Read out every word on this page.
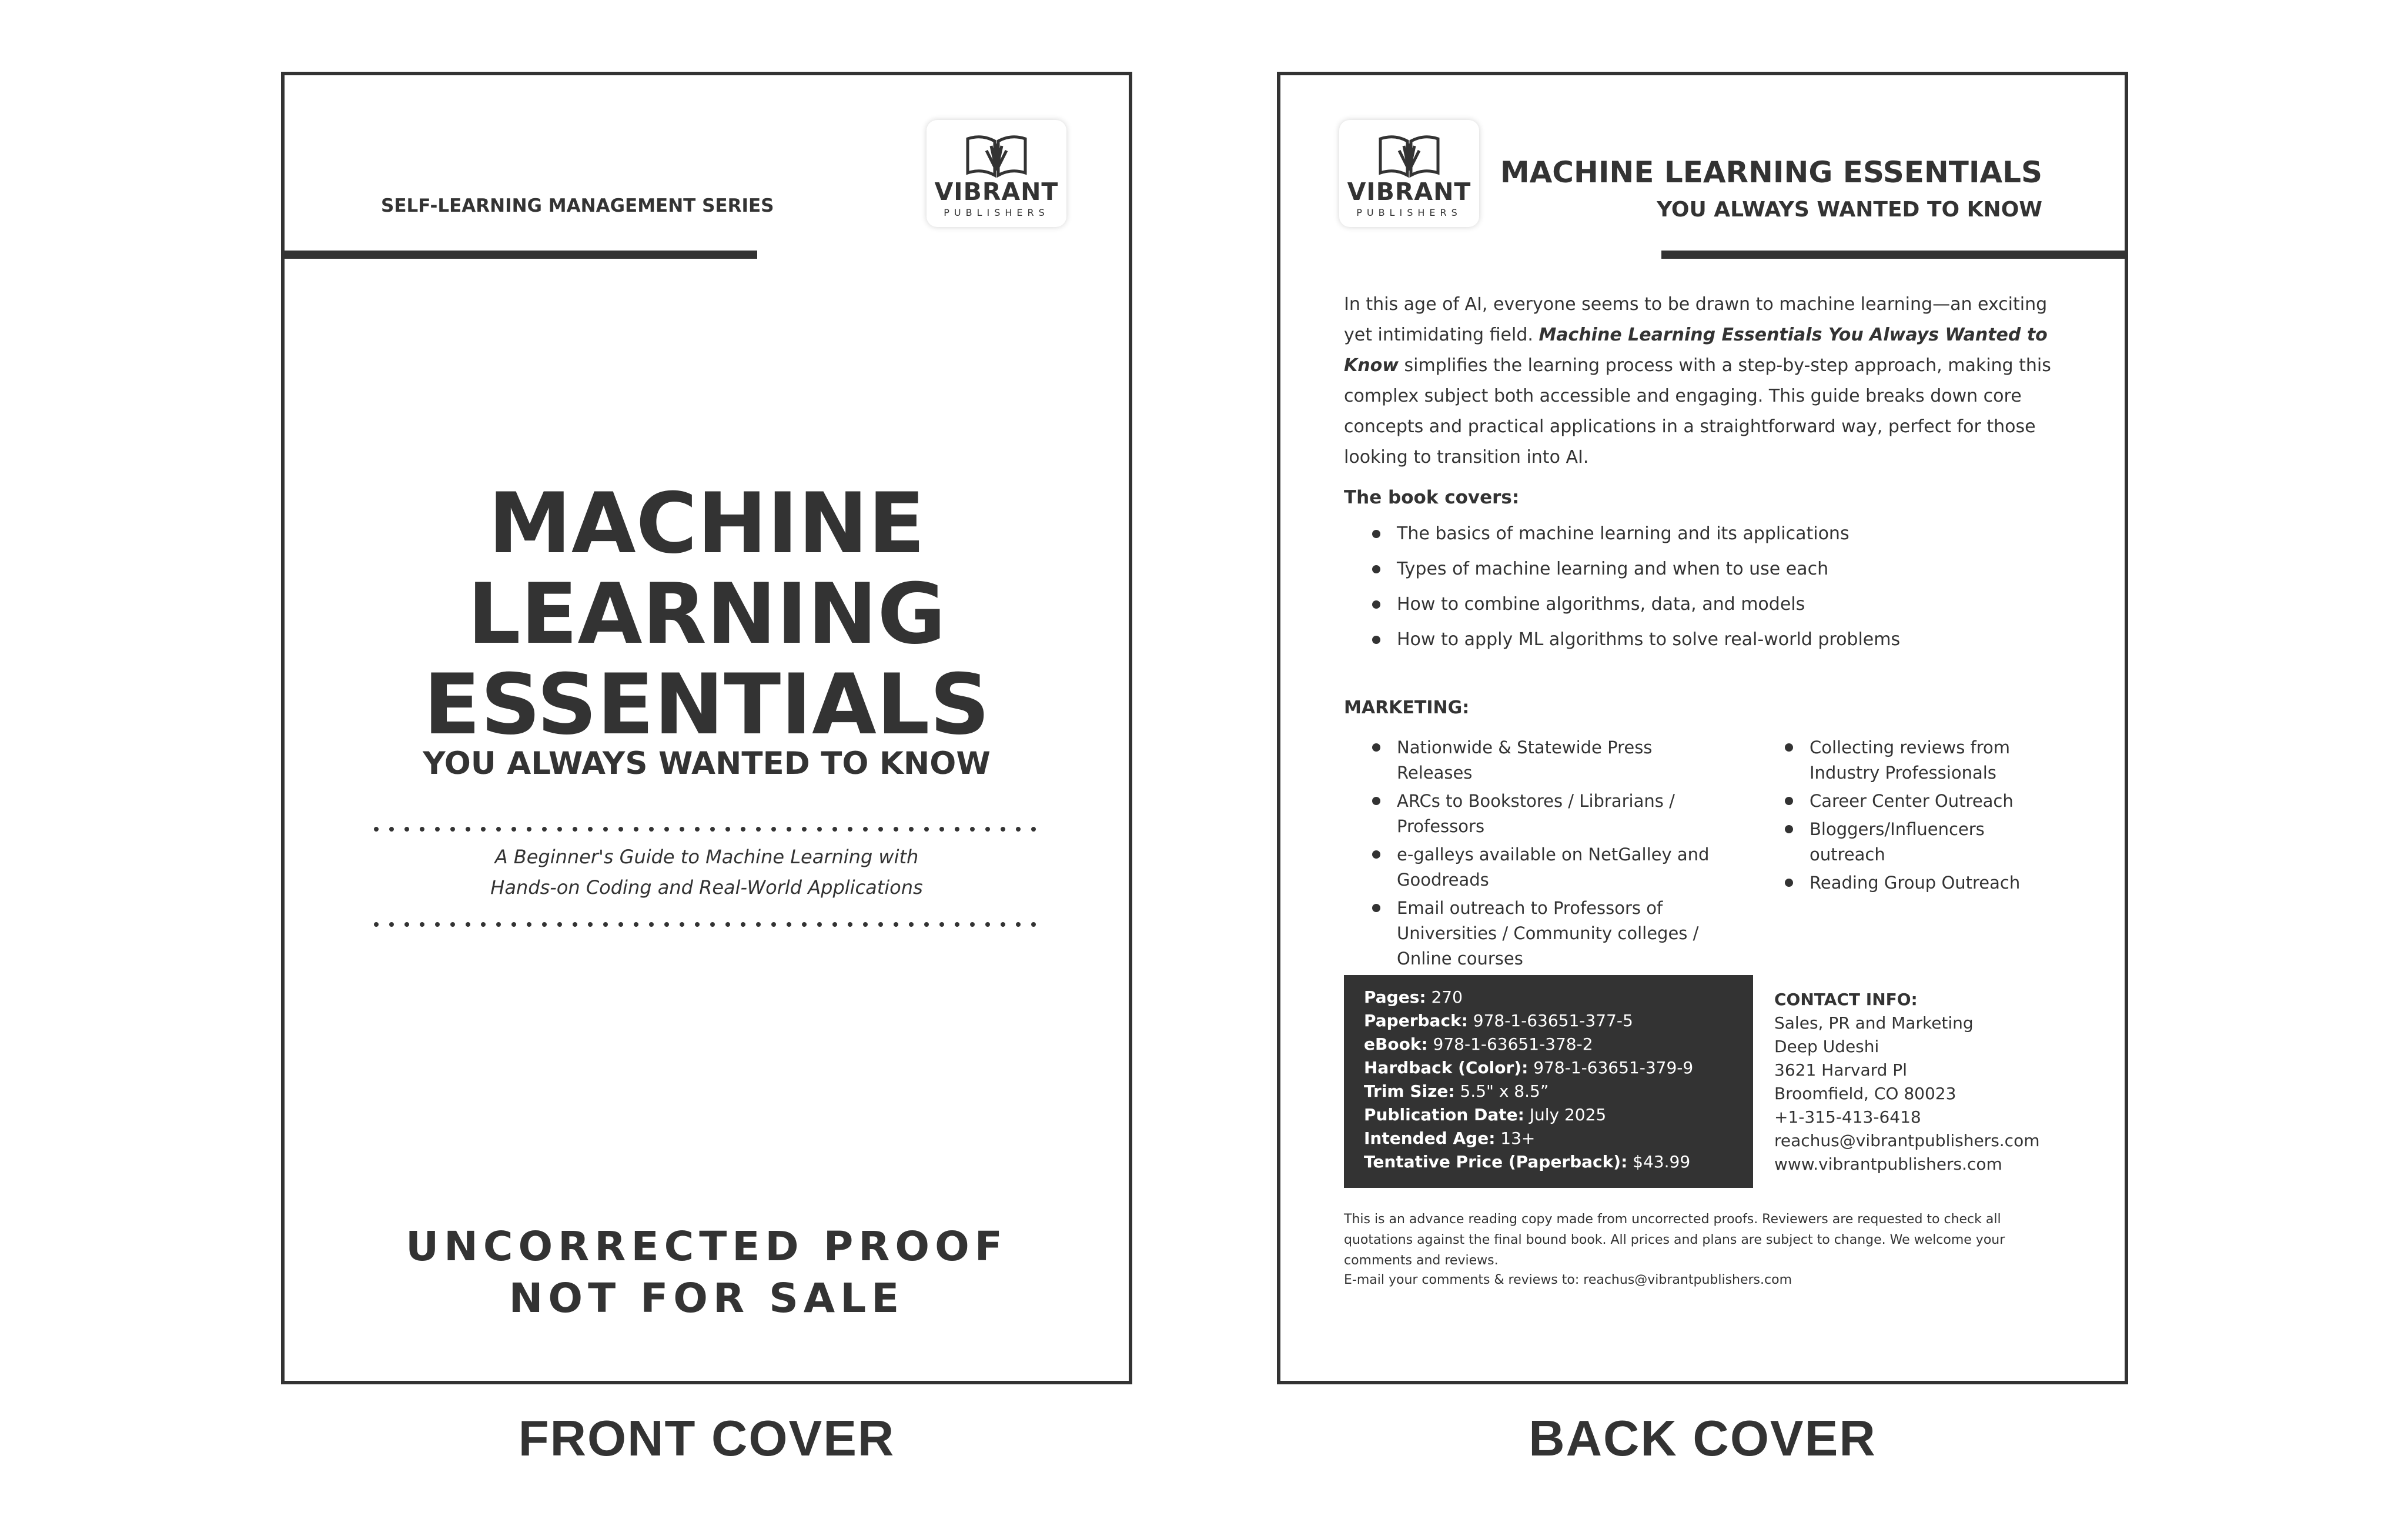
SELF-LEARNING MANAGEMENT SERIES	VIBRANT
PUBLISHERS
MACHINE
LEARNING
ESSENTIALS
YOU ALWAYS WANTED TO KNOW
A Beginner's Guide to Machine Learning with
Hands-on Coding and Real-World Applications
UNCORRECTED PROOF
NOT FOR SALE
FRONT COVER
VIBRANT
PUBLISHERS
MACHINE LEARNING ESSENTIALS
YOU ALWAYS WANTED TO KNOW
In this age of AI, everyone seems to be drawn to machine learning—an exciting yet intimidating field. Machine Learning Essentials You Always Wanted to Know simplifies the learning process with a step-by-step approach, making this complex subject both accessible and engaging. This guide breaks down core concepts and practical applications in a straightforward way, perfect for those looking to transition into AI.
The book covers:
The basics of machine learning and its applications
Types of machine learning and when to use each
How to combine algorithms, data, and models
How to apply ML algorithms to solve real-world problems
MARKETING:
Nationwide & Statewide Press Releases
ARCs to Bookstores / Librarians / Professors
e-galleys available on NetGalley and Goodreads
Email outreach to Professors of Universities / Community colleges / Online courses
Collecting reviews from Industry Professionals
Career Center Outreach
Bloggers/Influencers outreach
Reading Group Outreach
Pages: 270
Paperback: 978-1-63651-377-5
eBook: 978-1-63651-378-2
Hardback (Color): 978-1-63651-379-9
Trim Size: 5.5" x 8.5”
Publication Date: July 2025
Intended Age: 13+
Tentative Price (Paperback): $43.99
CONTACT INFO:
Sales, PR and Marketing
Deep Udeshi
3621 Harvard Pl
Broomfield, CO 80023
+1-315-413-6418
reachus@vibrantpublishers.com
www.vibrantpublishers.com
This is an advance reading copy made from uncorrected proofs. Reviewers are requested to check all quotations against the final bound book. All prices and plans are subject to change. We welcome your comments and reviews.
E-mail your comments & reviews to: reachus@vibrantpublishers.com
BACK COVER
